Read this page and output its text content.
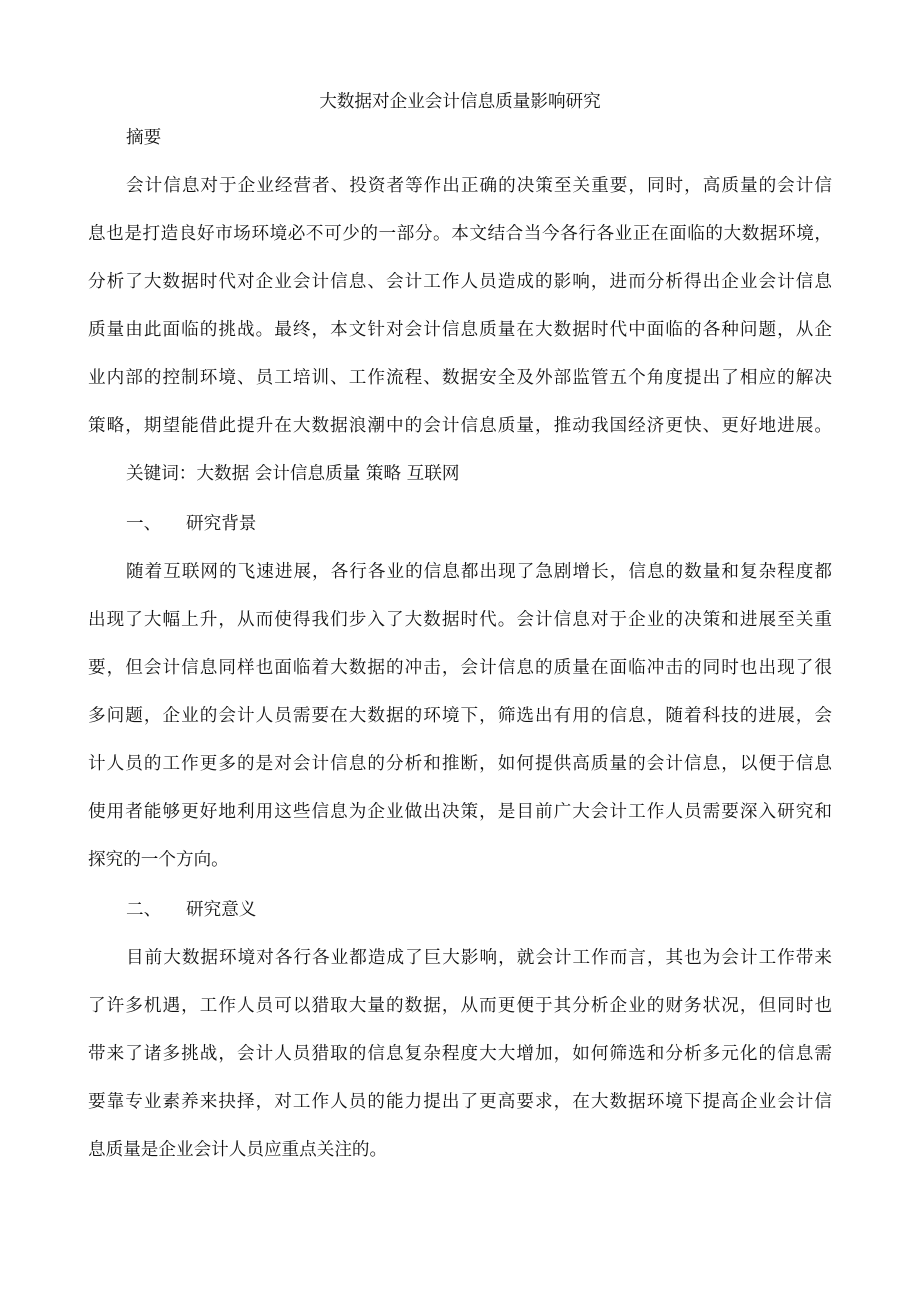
大数据对企业会计信息质量影响研究
摘要
会计信息对于企业经营者、投资者等作出正确的决策至关重要，同时，高质量的会计信
息也是打造良好市场环境必不可少的一部分。本文结合当今各行各业正在面临的大数据环境，
分析了大数据时代对企业会计信息、会计工作人员造成的影响，进而分析得出企业会计信息
质量由此面临的挑战。最终，本文针对会计信息质量在大数据时代中面临的各种问题，从企
业内部的控制环境、员工培训、工作流程、数据安全及外部监管五个角度提出了相应的解决
策略，期望能借此提升在大数据浪潮中的会计信息质量，推动我国经济更快、更好地进展。
关键词：大数据 会计信息质量 策略 互联网
一、 研究背景
随着互联网的飞速进展，各行各业的信息都出现了急剧增长，信息的数量和复杂程度都
出现了大幅上升，从而使得我们步入了大数据时代。会计信息对于企业的决策和进展至关重
要，但会计信息同样也面临着大数据的冲击，会计信息的质量在面临冲击的同时也出现了很
多问题，企业的会计人员需要在大数据的环境下，筛选出有用的信息，随着科技的进展，会
计人员的工作更多的是对会计信息的分析和推断，如何提供高质量的会计信息，以便于信息
使用者能够更好地利用这些信息为企业做出决策，是目前广大会计工作人员需要深入研究和
探究的一个方向。
二、 研究意义
目前大数据环境对各行各业都造成了巨大影响，就会计工作而言，其也为会计工作带来
了许多机遇，工作人员可以猎取大量的数据，从而更便于其分析企业的财务状况，但同时也
带来了诸多挑战，会计人员猎取的信息复杂程度大大增加，如何筛选和分析多元化的信息需
要靠专业素养来抉择，对工作人员的能力提出了更高要求，在大数据环境下提高企业会计信
息质量是企业会计人员应重点关注的。
